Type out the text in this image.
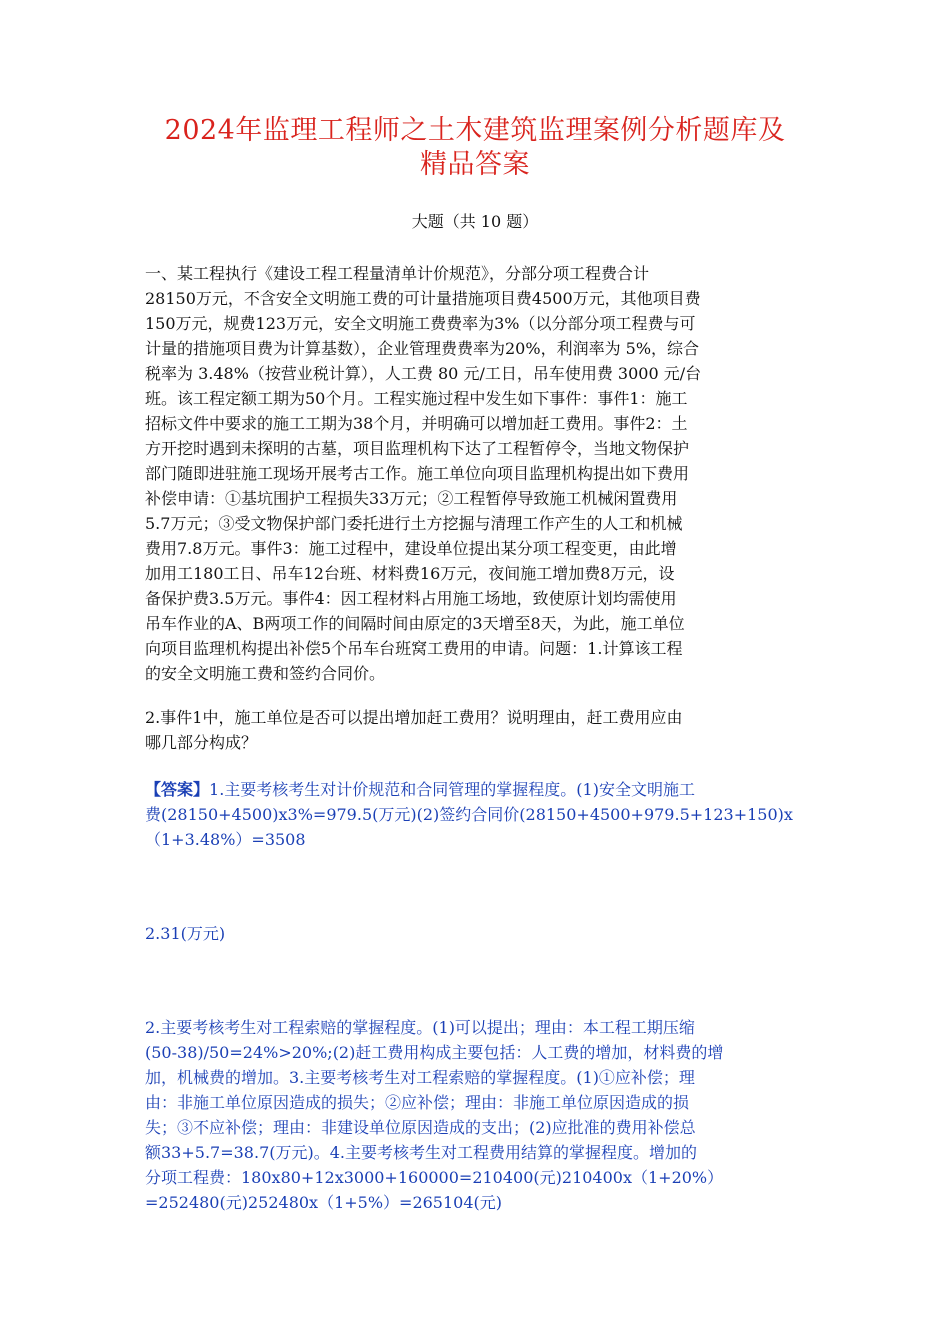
2024年监理工程师之土木建筑监理案例分析题库及
精品答案
大题（共 10 题）

一、某工程执行《建设工程工程量清单计价规范》，分部分项工程费合计
28150万元，不含安全文明施工费的可计量措施项目费4500万元，其他项目费
150万元，规费123万元，安全文明施工费费率为3%（以分部分项工程费与可
计量的措施项目费为计算基数），企业管理费费率为20%，利润率为 5%，综合
税率为 3.48%（按营业税计算），人工费 80 元/工日，吊车使用费 3000 元/台
班。该工程定额工期为50个月。工程实施过程中发生如下事件：事件1：施工
招标文件中要求的施工工期为38个月，并明确可以增加赶工费用。事件2：土
方开挖时遇到未探明的古墓，项目监理机构下达了工程暂停令，当地文物保护
部门随即进驻施工现场开展考古工作。施工单位向项目监理机构提出如下费用
补偿申请：①基坑围护工程损失33万元；②工程暂停导致施工机械闲置费用
5.7万元；③受文物保护部门委托进行土方挖掘与清理工作产生的人工和机械
费用7.8万元。事件3：施工过程中，建设单位提出某分项工程变更，由此增
加用工180工日、吊车12台班、材料费16万元，夜间施工增加费8万元，设
备保护费3.5万元。事件4：因工程材料占用施工场地，致使原计划均需使用
吊车作业的A、B两项工作的间隔时间由原定的3天增至8天，为此，施工单位
向项目监理机构提出补偿5个吊车台班窝工费用的申请。问题：1.计算该工程
的安全文明施工费和签约合同价。

2.事件1中，施工单位是否可以提出增加赶工费用？说明理由，赶工费用应由
哪几部分构成？

【答案】1.主要考核考生对计价规范和合同管理的掌握程度。(1)安全文明施工
费(28150+4500)x3%=979.5(万元)(2)签约合同价(28150+4500+979.5+123+150)x
（1+3.48%）=3508

2.31(万元)

2.主要考核考生对工程索赔的掌握程度。(1)可以提出；理由：本工程工期压缩
(50-38)/50=24%>20%;(2)赶工费用构成主要包括：人工费的增加，材料费的增
加，机械费的增加。3.主要考核考生对工程索赔的掌握程度。(1)①应补偿；理
由：非施工单位原因造成的损失；②应补偿；理由：非施工单位原因造成的损
失；③不应补偿；理由：非建设单位原因造成的支出；(2)应批准的费用补偿总
额33+5.7=38.7(万元)。4.主要考核考生对工程费用结算的掌握程度。增加的
分项工程费：180x80+12x3000+160000=210400(元)210400x（1+20%）
=252480(元)252480x（1+5%）=265104(元)
